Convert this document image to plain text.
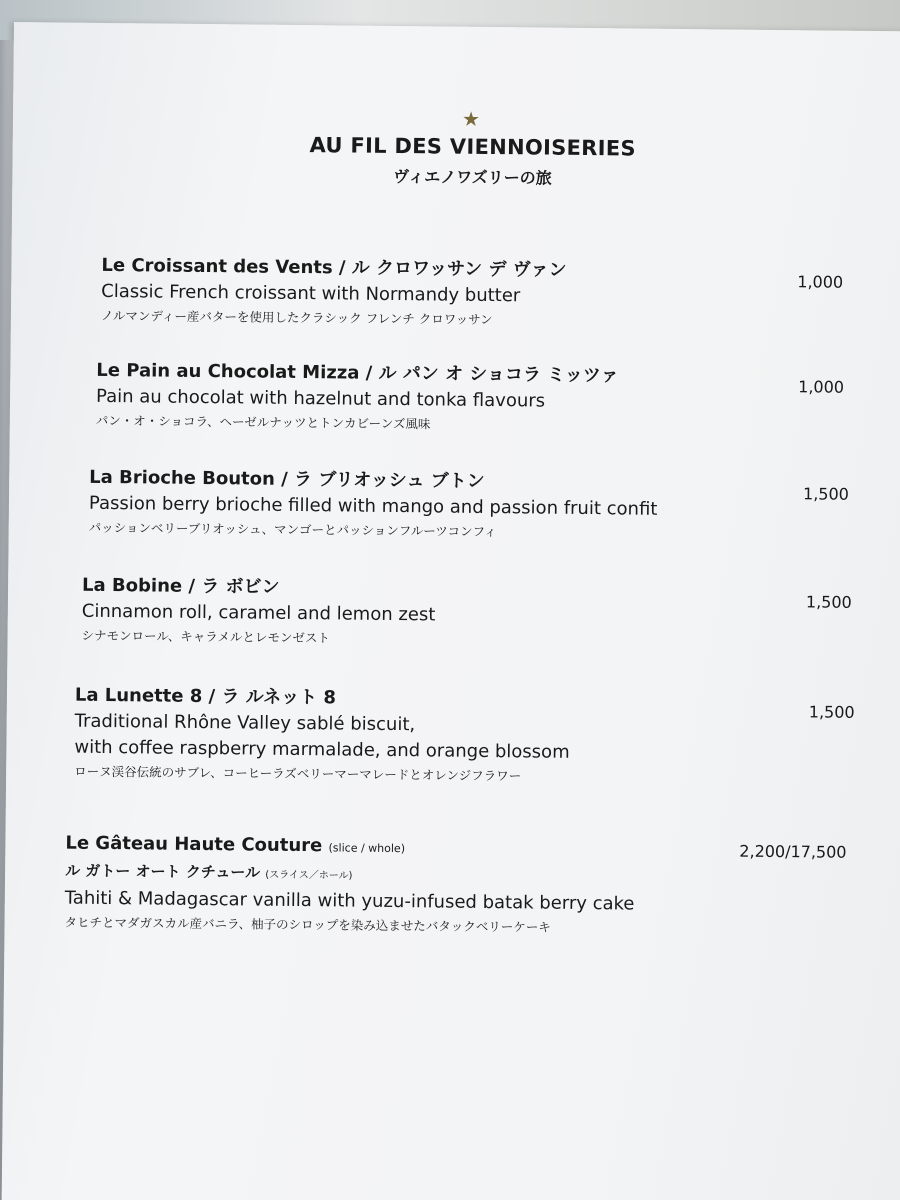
★
AU FIL DES VIENNOISERIES
ヴィエノワズリーの旅
Le Croissant des Vents / ル クロワッサン デ ヴァン
Classic French croissant with Normandy butter
ノルマンディー産バターを使用したクラシック フレンチ クロワッサン
1,000
Le Pain au Chocolat Mizza / ル パン オ ショコラ ミッツァ
Pain au chocolat with hazelnut and tonka flavours
パン・オ・ショコラ、ヘーゼルナッツとトンカビーンズ風味
1,000
La Brioche Bouton / ラ ブリオッシュ ブトン
Passion berry brioche filled with mango and passion fruit confit
パッションベリーブリオッシュ、マンゴーとパッションフルーツコンフィ
1,500
La Bobine / ラ ボビン
Cinnamon roll, caramel and lemon zest
シナモンロール、キャラメルとレモンゼスト
1,500
La Lunette 8 / ラ ルネット 8
Traditional Rhône Valley sablé biscuit,
with coffee raspberry marmalade, and orange blossom
ローヌ渓谷伝統のサブレ、コーヒーラズベリーマーマレードとオレンジフラワー
1,500
Le Gâteau Haute Couture (slice / whole)
ル ガトー オート クチュール (スライス／ホール)
Tahiti & Madagascar vanilla with yuzu-infused batak berry cake
タヒチとマダガスカル産バニラ、柚子のシロップを染み込ませたバタックベリーケーキ
2,200/17,500
